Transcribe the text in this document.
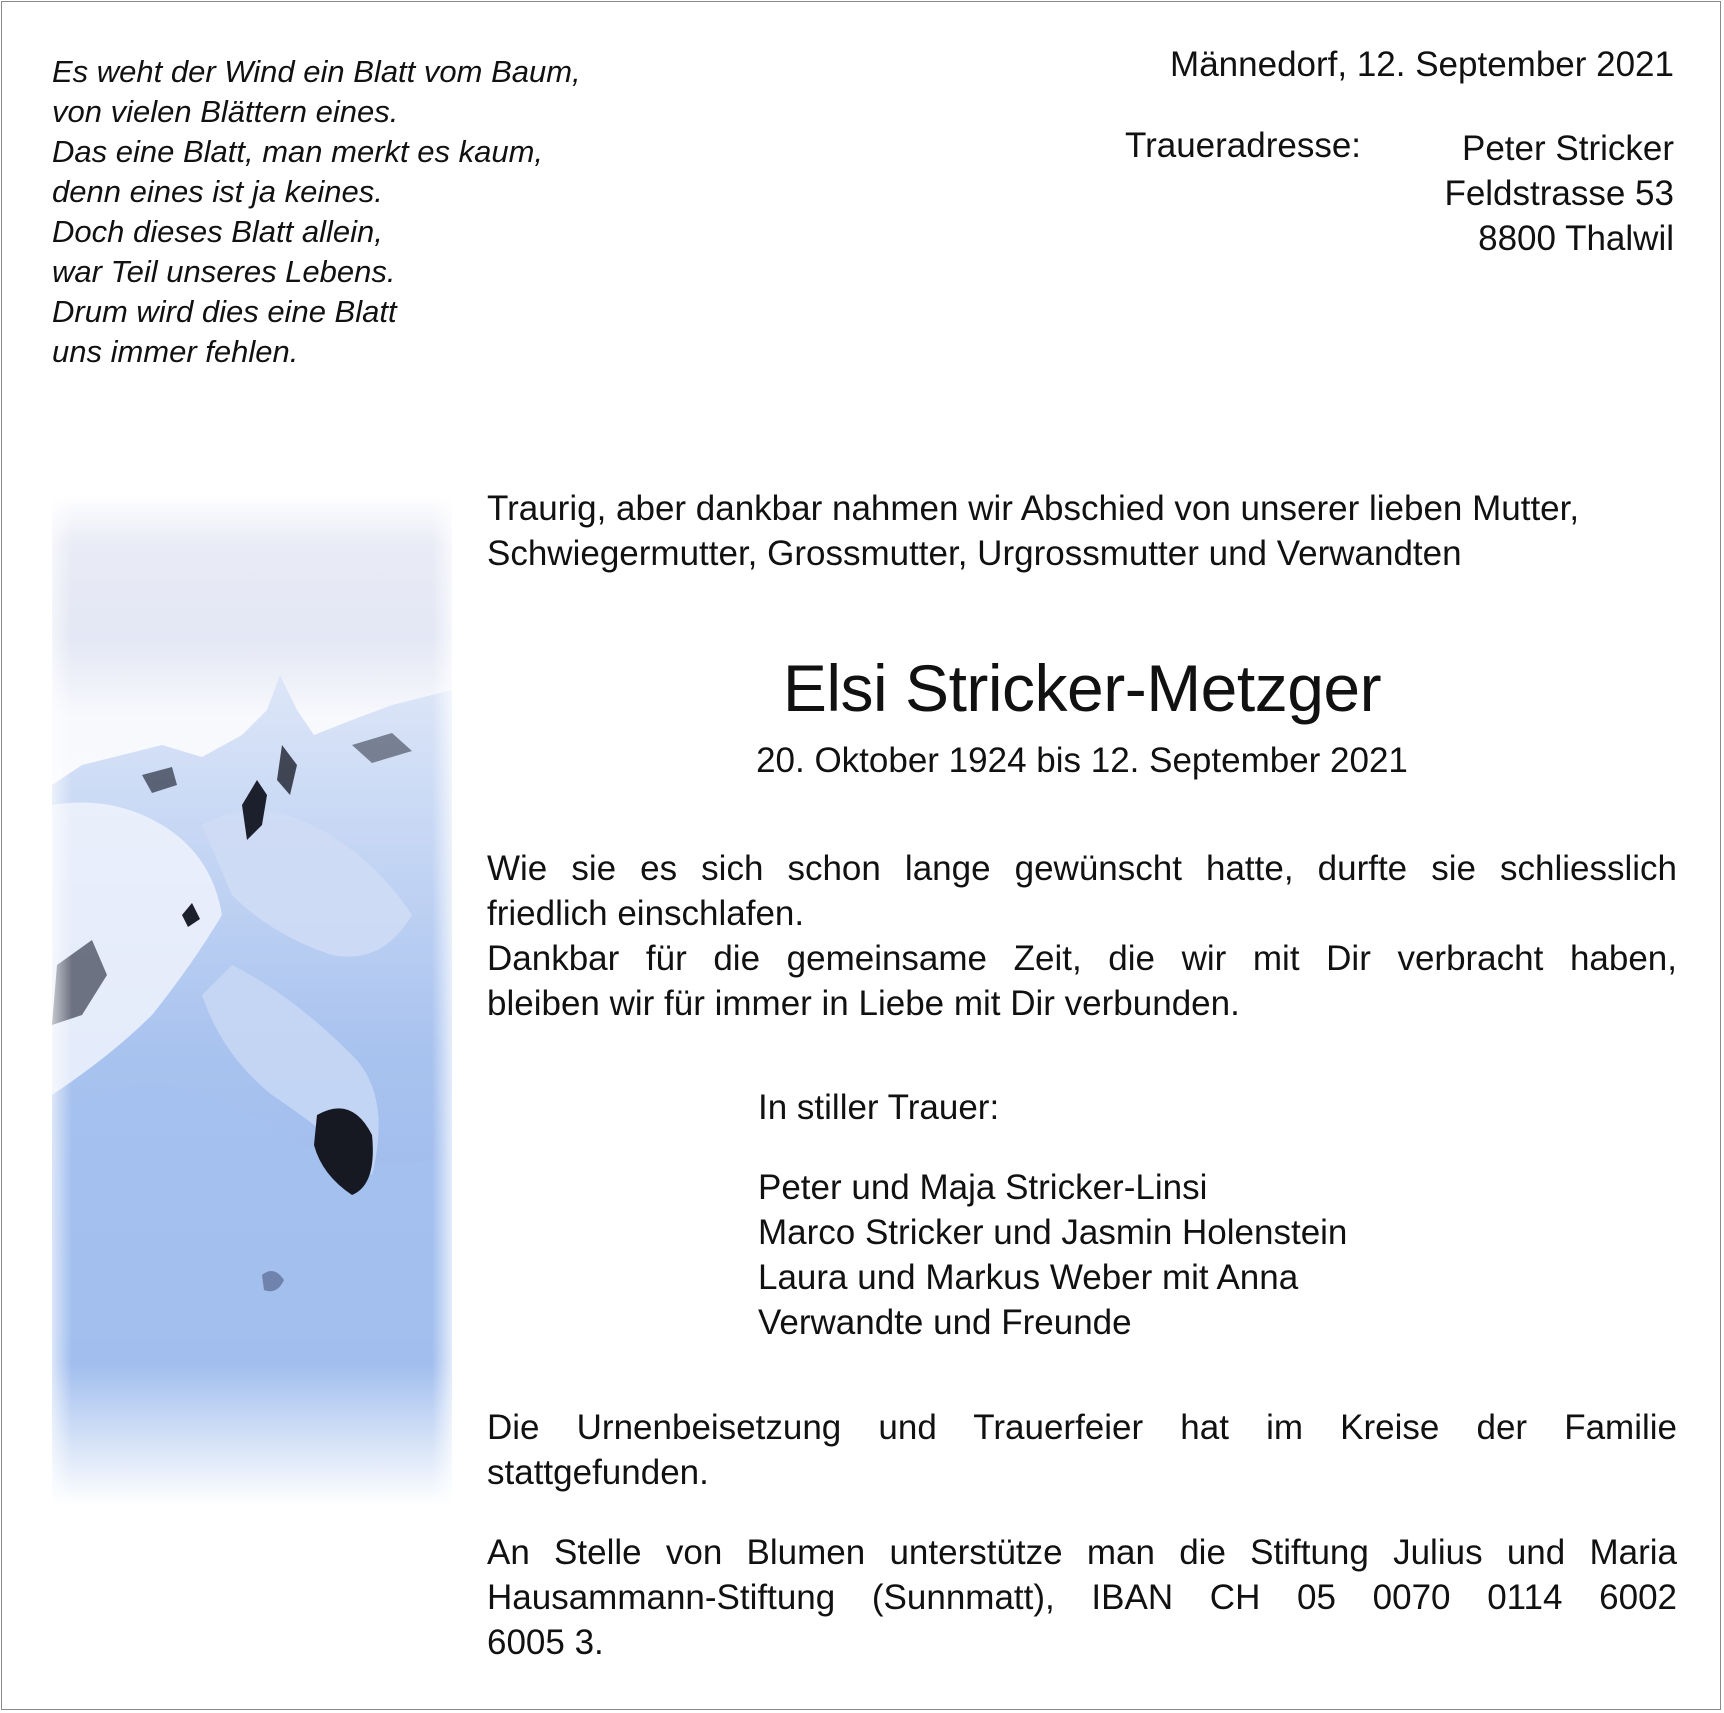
Es weht der Wind ein Blatt vom Baum,
von vielen Blättern eines.
Das eine Blatt, man merkt es kaum,
denn eines ist ja keines.
Doch dieses Blatt allein,
war Teil unseres Lebens.
Drum wird dies eine Blatt
uns immer fehlen.
Männedorf, 12. September 2021
Traueradresse:	Peter Stricker
Feldstrasse 53
8800 Thalwil
Traurig, aber dankbar nahmen wir Abschied von unserer lieben Mutter,
Schwiegermutter, Grossmutter, Urgrossmutter und Verwandten
Elsi Stricker-Metzger
20. Oktober 1924 bis 12. September 2021
Wie sie es sich schon lange gewünscht hatte, durfte sie schliesslich
friedlich einschlafen.
Dankbar für die gemeinsame Zeit, die wir mit Dir verbracht haben,
bleiben wir für immer in Liebe mit Dir verbunden.
In stiller Trauer:
Peter und Maja Stricker-Linsi
Marco Stricker und Jasmin Holenstein
Laura und Markus Weber mit Anna
Verwandte und Freunde
Die Urnenbeisetzung und Trauerfeier hat im Kreise der Familie
stattgefunden.
An Stelle von Blumen unterstütze man die Stiftung Julius und Maria
Hausammann-Stiftung (Sunnmatt), IBAN CH 05 0070 0114 6002
6005 3.
